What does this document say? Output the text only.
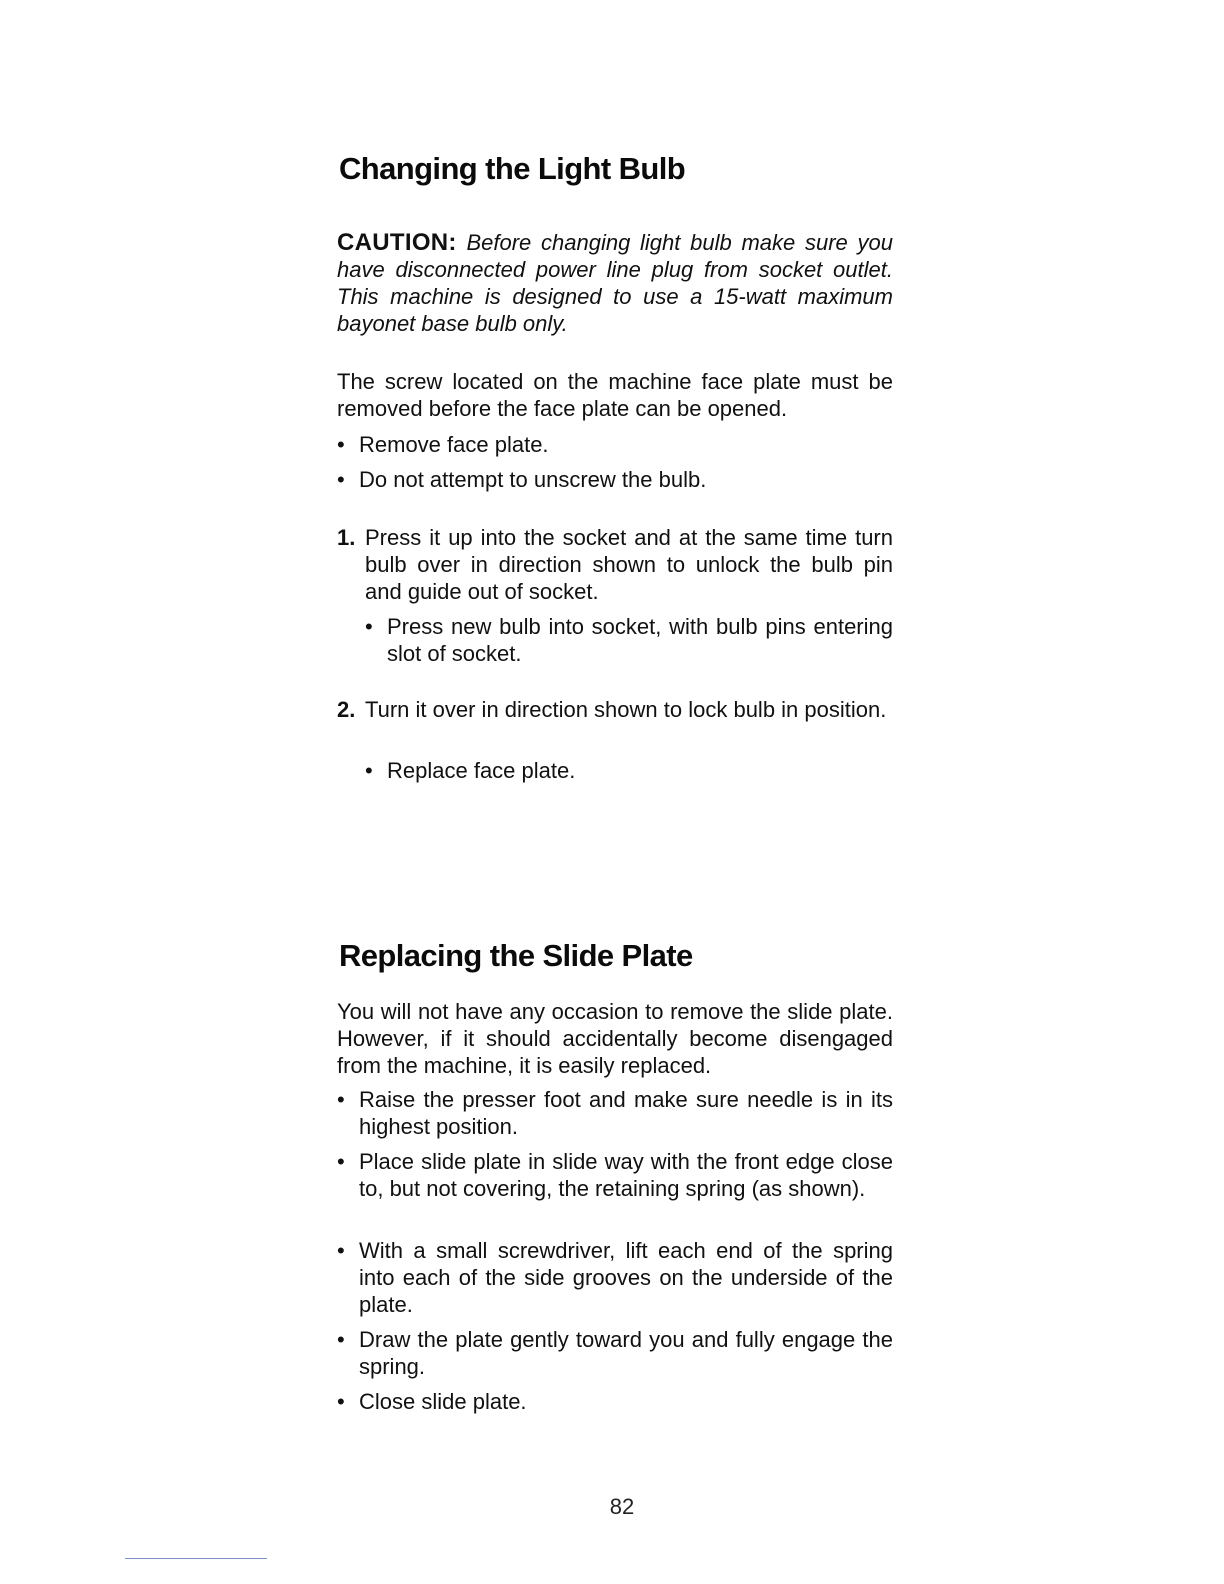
Changing the Light Bulb

CAUTION: Before changing light bulb make sure you have disconnected power line plug from socket outlet. This machine is designed to use a 15-watt maximum bayonet base bulb only.

The screw located on the machine face plate must be removed before the face plate can be opened.

• Remove face plate.
• Do not attempt to unscrew the bulb.
1. Press it up into the socket and at the same time turn bulb over in direction shown to unlock the bulb pin and guide out of socket.
• Press new bulb into socket, with bulb pins entering slot of socket.
2. Turn it over in direction shown to lock bulb in position.
• Replace face plate.
Replacing the Slide Plate

You will not have any occasion to remove the slide plate. However, if it should accidentally become disengaged from the machine, it is easily replaced.

• Raise the presser foot and make sure needle is in its highest position.
• Place slide plate in slide way with the front edge close to, but not covering, the retaining spring (as shown).
• With a small screwdriver, lift each end of the spring into each of the side grooves on the underside of the plate.
• Draw the plate gently toward you and fully engage the spring.
• Close slide plate.
82
